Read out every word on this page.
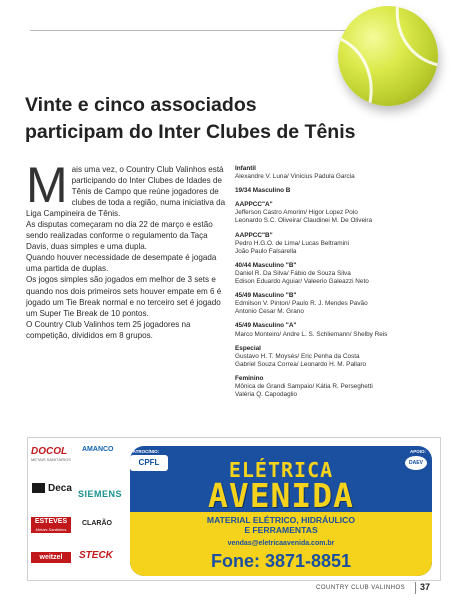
Vinte e cinco associados
participam do Inter Clubes de Tênis
M ais uma vez, o Country Club Valinhos está participando do Inter Clubes de Idades de Tênis de Campo que reúne jogadores de clubes de toda a região, numa iniciativa da Liga Campineira de Tênis.

As disputas começaram no dia 22 de março e estão sendo realizadas conforme o regulamento da Taça Davis, duas simples e uma dupla.

Quando houver necessidade de desempate é jogada uma partida de duplas.

Os jogos simples são jogados em melhor de 3 sets e quando nos dois primeiros sets houver empate em 6 é jogado um Tie Break normal e no terceiro set é jogado um Super Tie Break de 10 pontos.

O Country Club Valinhos tem 25 jogadores na competição, divididos em 8 grupos.

Infantil
Alexandre V. Luna/ Vinicius Padula Garcia
19/34 Masculino B
AAPPCC"A"
Jefferson Castro Amorim/ Higor Lopez Polo
Leonardo S.C. Oliveira/ Claudinei M. De Oliveira
AAPPCC"B"
Pedro H.G.O. de Lima/ Lucas Beltramini
João Paulo Falsarella
40/44 Masculino "B"
Daniel R. Da Silva/ Fábio de Souza Silva
Edison Eduardo Aguiar/ Valeerio Galeazzi Neto
45/49 Masculino "B"
Edmilson V. Pinton/ Paulo R. J. Mendes Pavão
Antonio Cesar M. Grano
45/49 Masculino "A"
Marco Monteiro/ Andre L. S. Schliemann/ Shelby Reis
Especial
Gustavo H. T. Moysés/ Eric Penha da Costa
Gabriel Souza Correa/ Leonardo H. M. Pallaro
Feminino
Mônica de Grandi Sampaio/ Kátia R. Perseghetti
Valéria Q. Capodaglio
DOCOL
METAIS SANITÁRIOS
AMANCO
Deca SIEMENS
ESTEVES
Metais Sanitários
CLARÃO
weitzel	STECK
PATROCÍNIO:
CPFL
APOIO:
DAEV
ELÉTRICA
AVENIDA
MATERIAL ELÉTRICO, HIDRÁULICO
E FERRAMENTAS
vendas@eletricaavenida.com.br
Fone: 3871-8851
COUNTRY CLUB VALINHOS 37
